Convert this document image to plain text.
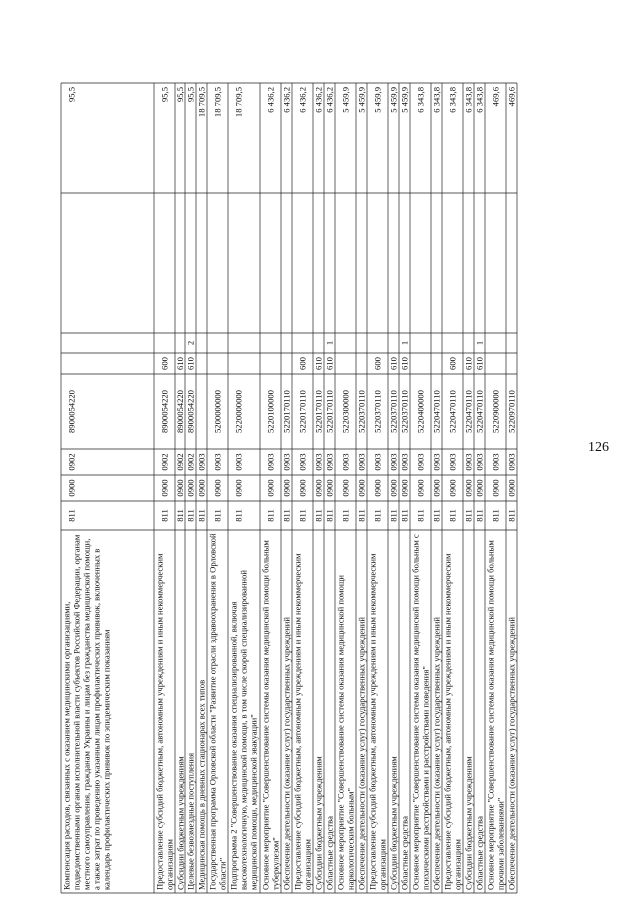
126
Компенсация расходов, связанных с оказанием медицинскими организациями, подведомственными органам исполнительной власти субъектов Российской Федерации, органам местного самоуправления, гражданам Украины и лицам без гражданства медицинской помощи, а также затрат по проведению указанным лицам профилактических прививок, включенных в календарь профилактических прививок по эпидемическим показаниям
811
0900
0902
8900054220
95,5
Предоставление субсидий бюджетным, автономным учреждениям и иным некоммерческим организациям
811
0900
0902
8900054220
600
95,5
Субсидии бюджетным учреждениям
811
0900
0902
8900054220
610
95,5
Целевые безвозмездные поступления
811
0900
0902
8900054220
610
2
95,5
Медицинская помощь в дневных стационарах всех типов
811
0900
0903
18 709,5
Государственная программа Орловской области "Развитие отрасли здравоохранения в Орловской области"
811
0900
0903
5200000000
18 709,5
Подпрограмма 2 "Совершенствование оказания специализированной, включая высокотехнологичную, медицинской помощи, в том числе скорой специализированной медицинской помощи, медицинской эвакуации"
811
0900
0903
5220000000
18 709,5
Основное мероприятие "Совершенствование системы оказания медицинской помощи больным туберкулезом"
811
0900
0903
5220100000
6 436,2
Обеспечение деятельности (оказание услуг) государственных учреждений
811
0900
0903
5220170110
6 436,2
Предоставление субсидий бюджетным, автономным учреждениям и иным некоммерческим организациям
811
0900
0903
5220170110
600
6 436,2
Субсидии бюджетным учреждениям
811
0900
0903
5220170110
610
6 436,2
Областные средства
811
0900
0903
5220170110
610
1
6 436,2
Основное мероприятие "Совершенствование системы оказания медицинской помощи наркологическим больным"
811
0900
0903
5220300000
5 459,9
Обеспечение деятельности (оказание услуг) государственных учреждений
811
0900
0903
5220370110
5 459,9
Предоставление субсидий бюджетным, автономным учреждениям и иным некоммерческим организациям
811
0900
0903
5220370110
600
5 459,9
Субсидии бюджетным учреждениям
811
0900
0903
5220370110
610
5 459,9
Областные средства
811
0900
0903
5220370110
610
1
5 459,9
Основное мероприятие "Совершенствование системы оказания медицинской помощи больным с психическими расстройствами и расстройствами поведения"
811
0900
0903
5220400000
6 343,8
Обеспечение деятельности (оказание услуг) государственных учреждений
811
0900
0903
5220470110
6 343,8
Предоставление субсидий бюджетным, автономным учреждениям и иным некоммерческим организациям
811
0900
0903
5220470110
600
6 343,8
Субсидии бюджетным учреждениям
811
0900
0903
5220470110
610
6 343,8
Областные средства
811
0900
0903
5220470110
610
1
6 343,8
Основное мероприятие "Совершенствование системы оказания медицинской помощи больным прочими заболеваниями"
811
0900
0903
5220900000
469,6
Обеспечение деятельности (оказание услуг) государственных учреждений
811
0900
0903
5220970110
469,6
